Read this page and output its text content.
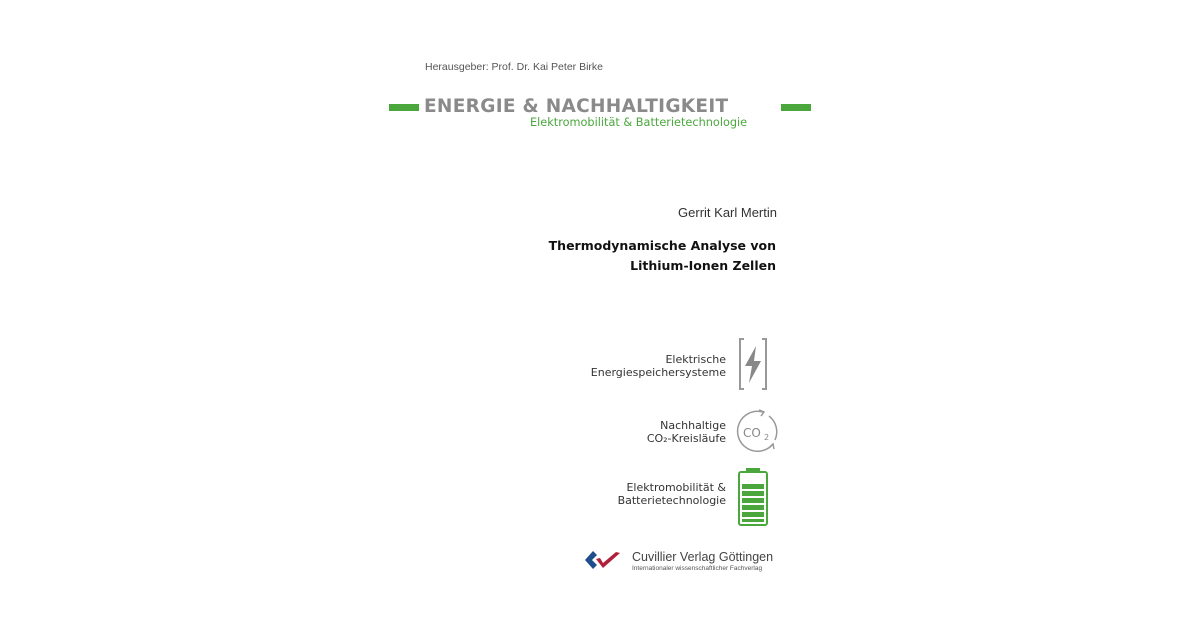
Herausgeber: Prof. Dr. Kai Peter Birke
ENERGIE & NACHHALTIGKEIT
Elektromobilität & Batterietechnologie
Gerrit Karl Mertin
Thermodynamische Analyse von
Lithium-Ionen Zellen
Elektrische
Energiespeichersysteme
Nachhaltige
CO₂-Kreisläufe CO 2
Elektromobilität &
Batterietechnologie
Cuvillier Verlag Göttingen
Internationaler wissenschaftlicher Fachverlag
